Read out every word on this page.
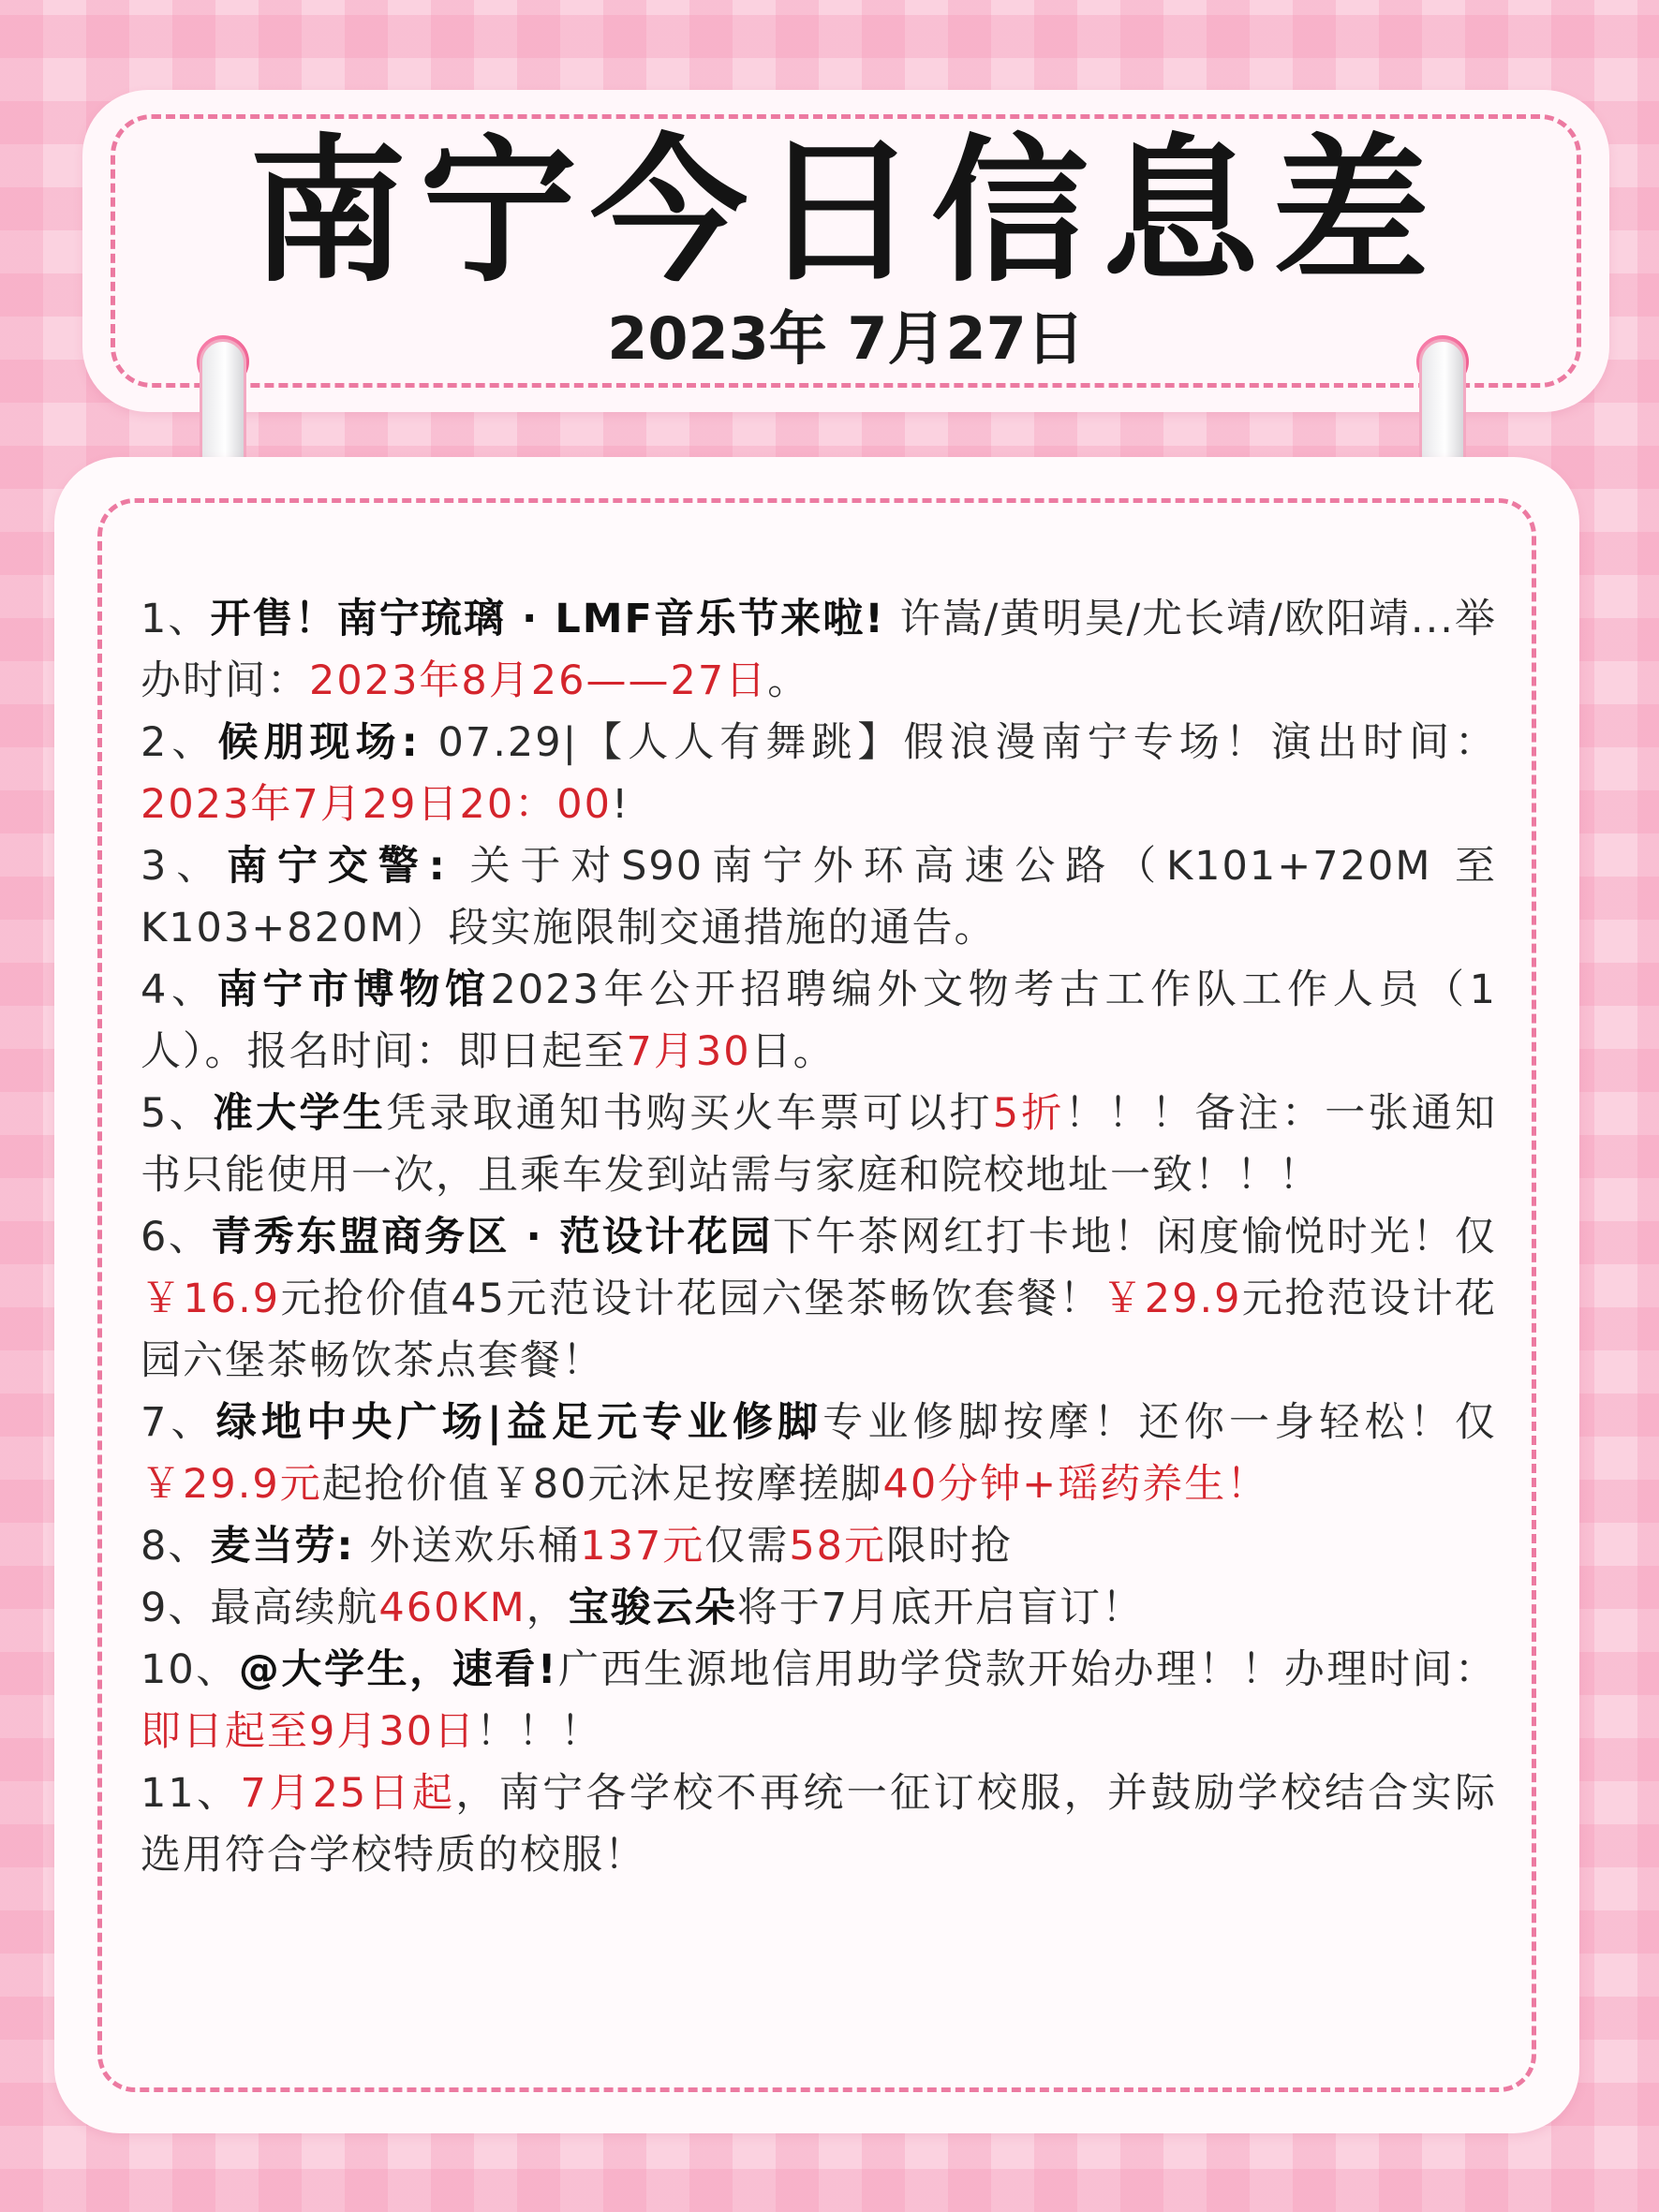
南宁今日信息差
2023年 7月27日

1、开售！南宁琉璃 · LMF音乐节来啦! 许嵩/黄明昊/尤长靖/欧阳靖...举办时间：2023年8月26——27日。

2、候朋现场: 07.29|【人人有舞跳】假浪漫南宁专场！演出时间：2023年7月29日20：00!

3、南宁交警: 关于对S90南宁外环高速公路（K101+720M 至K103+820M）段实施限制交通措施的通告。

4、南宁市博物馆2023年公开招聘编外文物考古工作队工作人员（1人）。报名时间：即日起至7月30日。

5、准大学生凭录取通知书购买火车票可以打5折！！！备注：一张通知书只能使用一次，且乘车发到站需与家庭和院校地址一致！！！

6、青秀东盟商务区 · 范设计花园下午茶网红打卡地！闲度愉悦时光！仅￥16.9元抢价值45元范设计花园六堡茶畅饮套餐！￥29.9元抢范设计花园六堡茶畅饮茶点套餐！

7、绿地中央广场|益足元专业修脚专业修脚按摩！还你一身轻松！仅￥29.9元起抢价值￥80元沐足按摩搓脚40分钟+瑶药养生！

8、麦当劳: 外送欢乐桶137元仅需58元限时抢

9、最高续航460KM，宝骏云朵将于7月底开启盲订！

10、@大学生，速看!广西生源地信用助学贷款开始办理！！办理时间：即日起至9月30日！！！

11、7月25日起，南宁各学校不再统一征订校服，并鼓励学校结合实际选用符合学校特质的校服！
